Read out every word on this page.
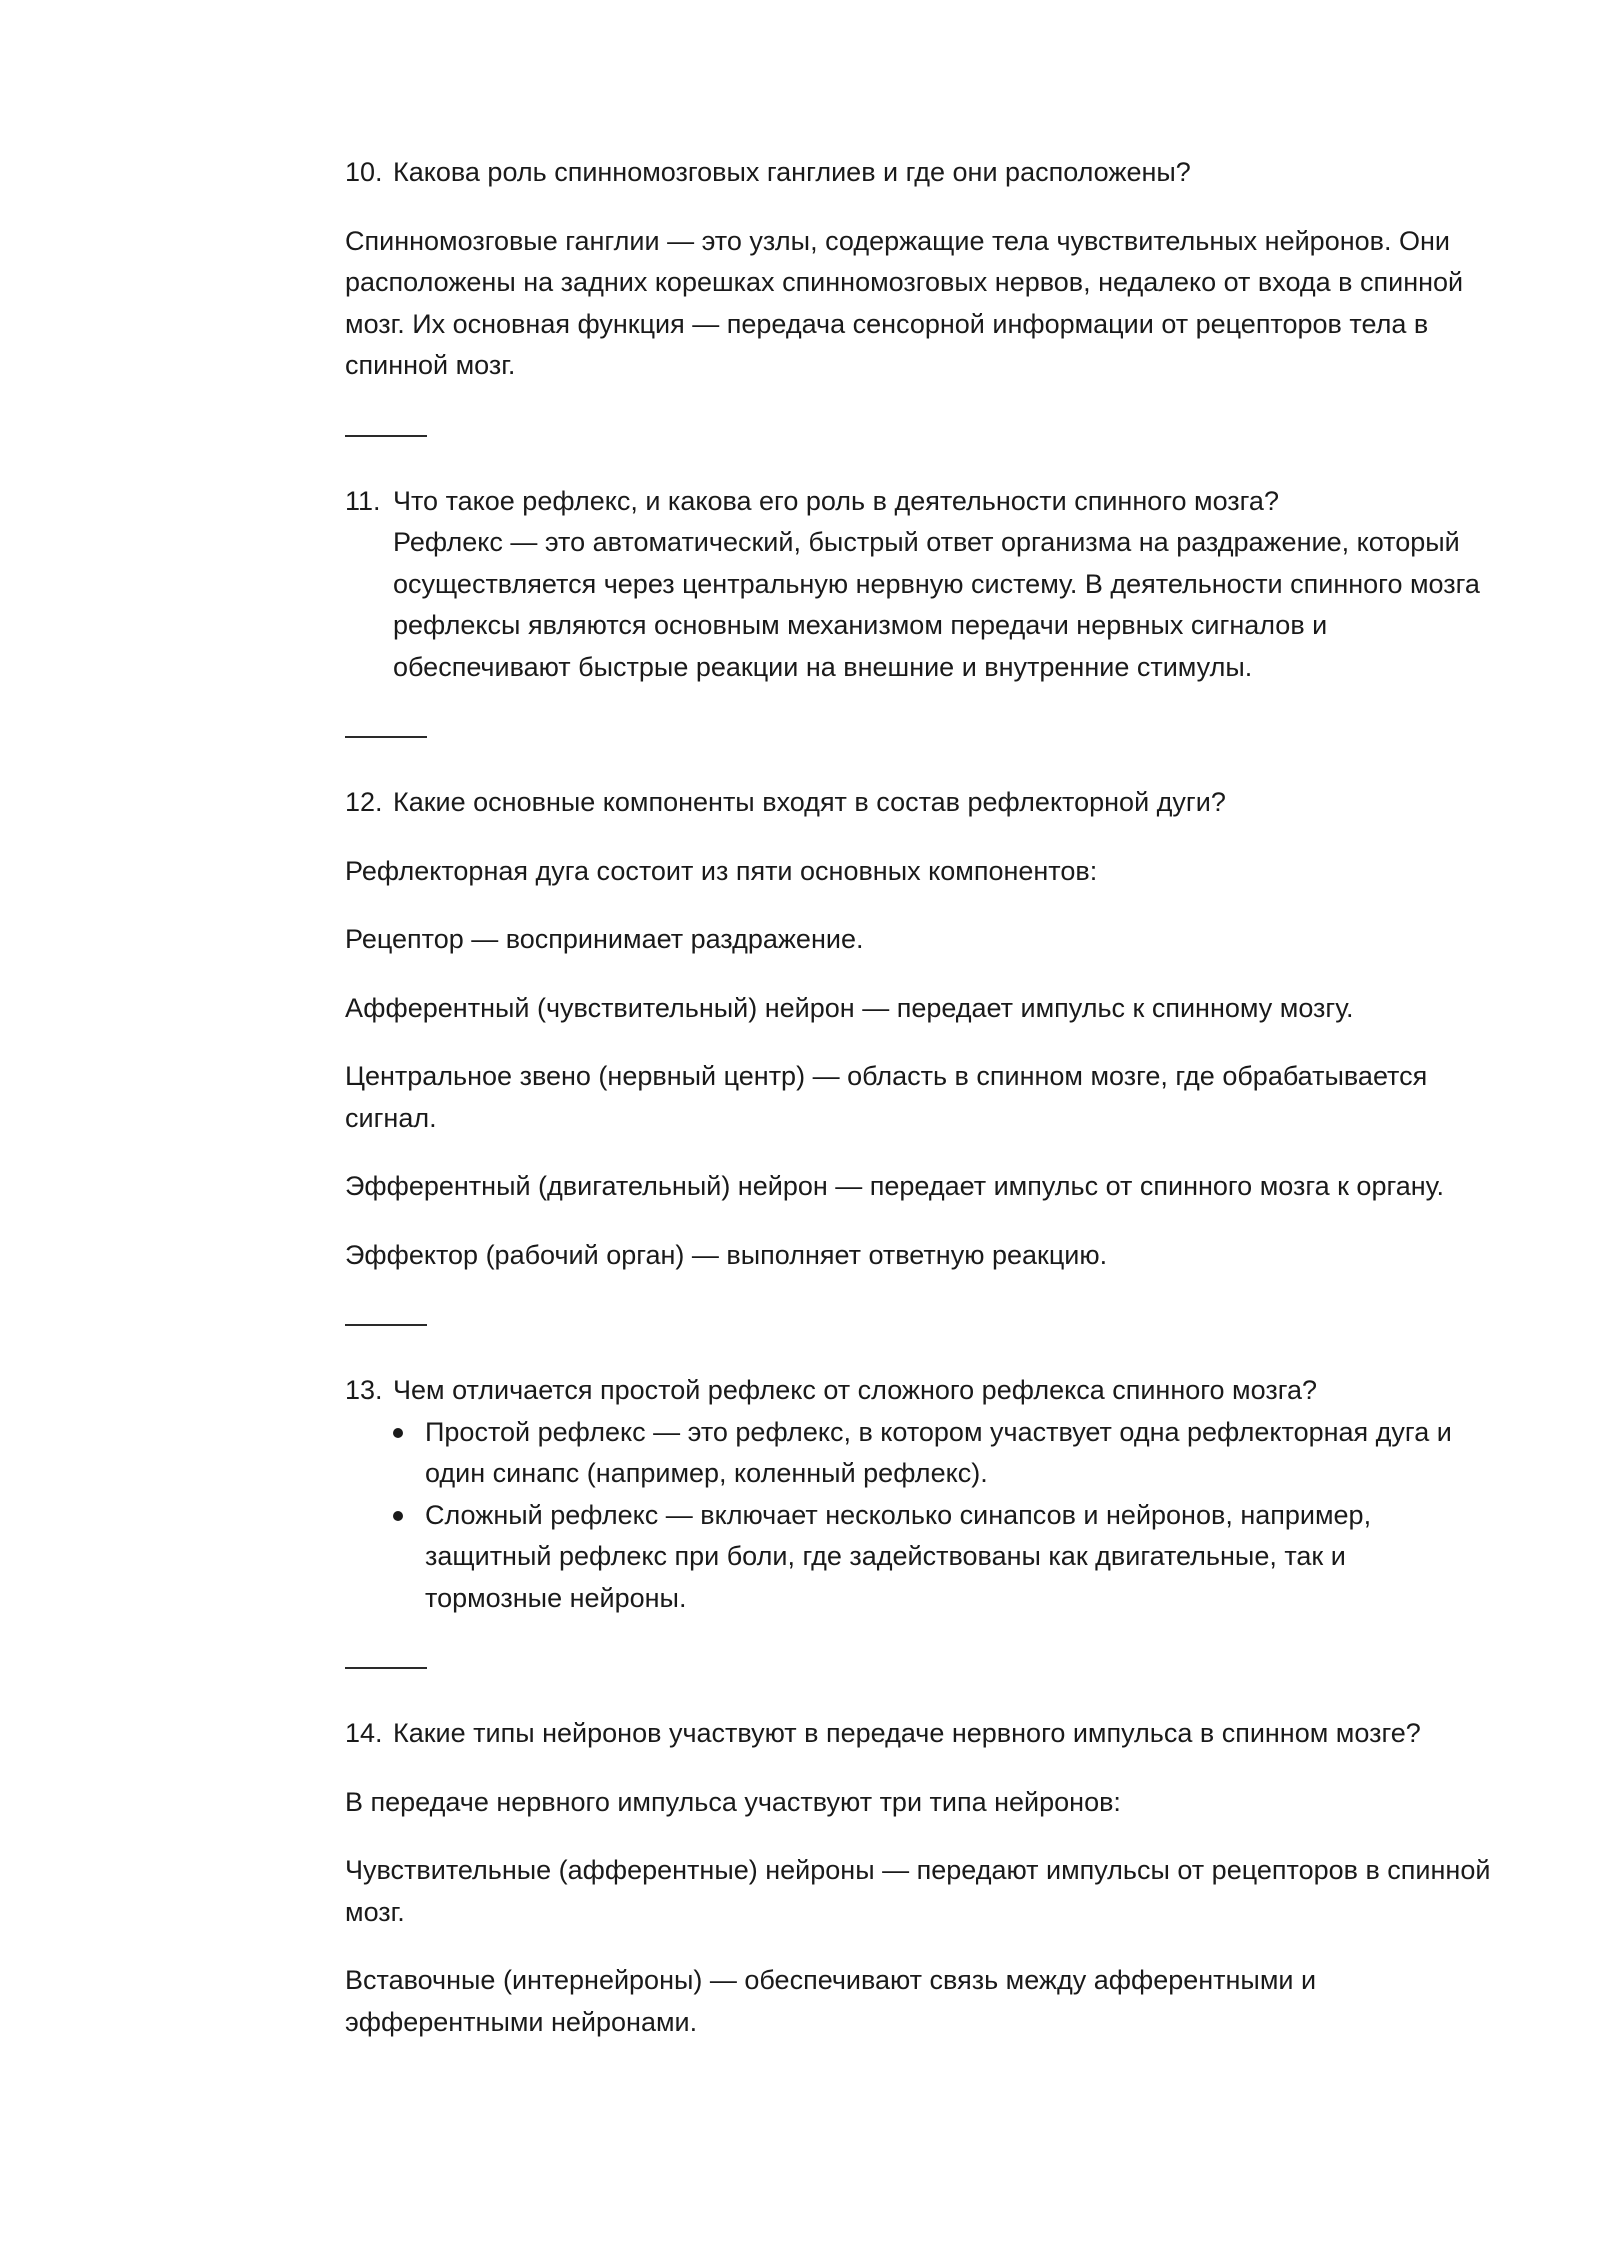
10. Какова роль спинномозговых ганглиев и где они расположены?

Спинномозговые ганглии — это узлы, содержащие тела чувствительных нейронов. Они
расположены на задних корешках спинномозговых нервов, недалеко от входа в спинной
мозг. Их основная функция — передача сенсорной информации от рецепторов тела в
спинной мозг.

11. Что такое рефлекс, и какова его роль в деятельности спинного мозга?

Рефлекс — это автоматический, быстрый ответ организма на раздражение, который
осуществляется через центральную нервную систему. В деятельности спинного мозга
рефлексы являются основным механизмом передачи нервных сигналов и
обеспечивают быстрые реакции на внешние и внутренние стимулы.

12. Какие основные компоненты входят в состав рефлекторной дуги?

Рефлекторная дуга состоит из пяти основных компонентов:

Рецептор — воспринимает раздражение.

Афферентный (чувствительный) нейрон — передает импульс к спинному мозгу.

Центральное звено (нервный центр) — область в спинном мозге, где обрабатывается
сигнал.

Эфферентный (двигательный) нейрон — передает импульс от спинного мозга к органу.

Эффектор (рабочий орган) — выполняет ответную реакцию.

13. Чем отличается простой рефлекс от сложного рефлекса спинного мозга?
Простой рефлекс — это рефлекс, в котором участвует одна рефлекторная дуга и
один синапс (например, коленный рефлекс).
Сложный рефлекс — включает несколько синапсов и нейронов, например,
защитный рефлекс при боли, где задействованы как двигательные, так и
тормозные нейроны.
14. Какие типы нейронов участвуют в передаче нервного импульса в спинном мозге?

В передаче нервного импульса участвуют три типа нейронов:

Чувствительные (афферентные) нейроны — передают импульсы от рецепторов в спинной
мозг.

Вставочные (интернейроны) — обеспечивают связь между афферентными и
эфферентными нейронами.
